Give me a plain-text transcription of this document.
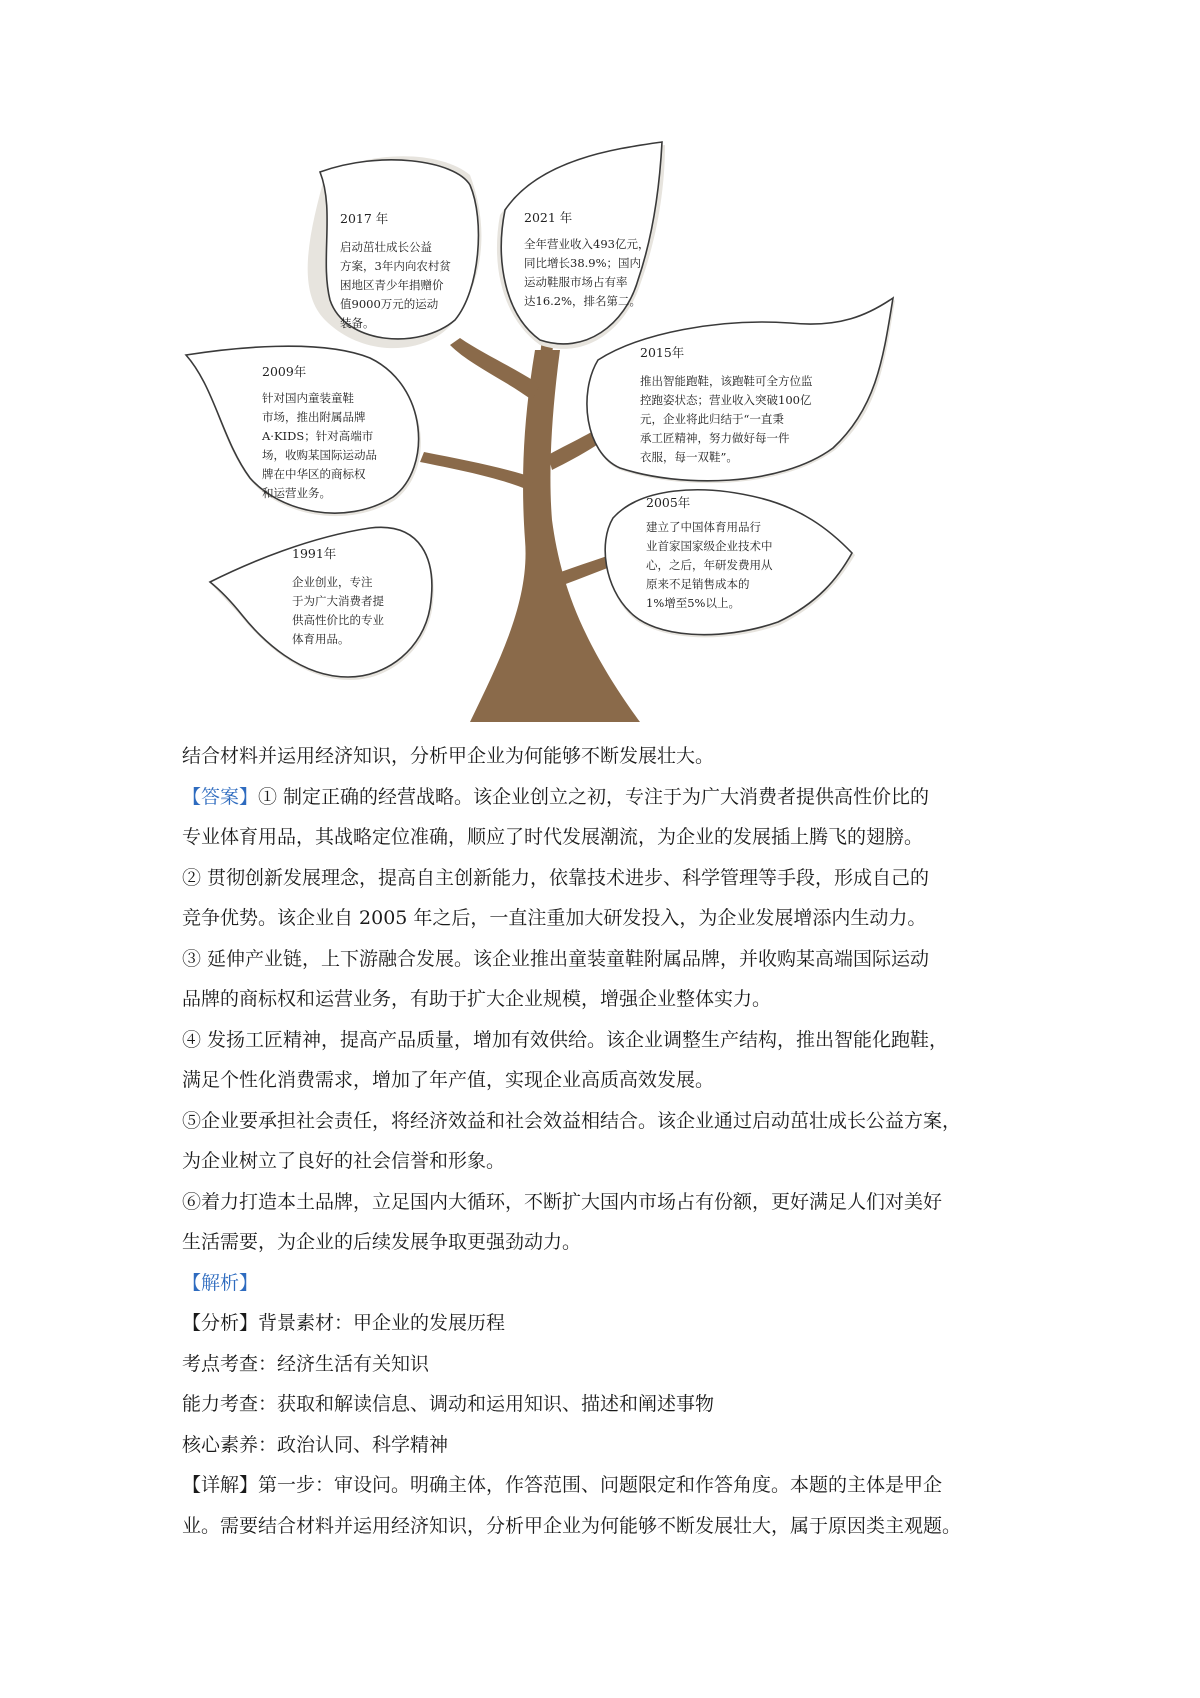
2017 年
启动茁壮成长公益
方案，3年内向农村贫
困地区青少年捐赠价
值9000万元的运动
装备。
2021 年
全年营业收入493亿元，
同比增长38.9%；国内
运动鞋服市场占有率
达16.2%，排名第二。
2009年
针对国内童装童鞋
市场，推出附属品牌
A·KIDS；针对高端市
场，收购某国际运动品
牌在中华区的商标权
和运营业务。
2015年
推出智能跑鞋，该跑鞋可全方位监
控跑姿状态；营业收入突破100亿
元，企业将此归结于“一直秉
承工匠精神，努力做好每一件
衣服，每一双鞋”。
2005年
建立了中国体育用品行
业首家国家级企业技术中
心，之后，年研发费用从
原来不足销售成本的
1%增至5%以上。
1991年
企业创业，专注
于为广大消费者提
供高性价比的专业
体育用品。
结合材料并运用经济知识，分析甲企业为何能够不断发展壮大。
【答案】① 制定正确的经营战略。该企业创立之初，专注于为广大消费者提供高性价比的
专业体育用品，其战略定位准确，顺应了时代发展潮流，为企业的发展插上腾飞的翅膀。
② 贯彻创新发展理念，提高自主创新能力，依靠技术进步、科学管理等手段，形成自己的
竞争优势。该企业自 2005 年之后，一直注重加大研发投入，为企业发展增添内生动力。
③ 延伸产业链，上下游融合发展。该企业推出童装童鞋附属品牌，并收购某高端国际运动
品牌的商标权和运营业务，有助于扩大企业规模，增强企业整体实力。
④ 发扬工匠精神，提高产品质量，增加有效供给。该企业调整生产结构，推出智能化跑鞋，
满足个性化消费需求，增加了年产值，实现企业高质高效发展。
⑤企业要承担社会责任，将经济效益和社会效益相结合。该企业通过启动茁壮成长公益方案，
为企业树立了良好的社会信誉和形象。
⑥着力打造本土品牌，立足国内大循环，不断扩大国内市场占有份额，更好满足人们对美好
生活需要，为企业的后续发展争取更强劲动力。
【解析】
【分析】背景素材：甲企业的发展历程
考点考查：经济生活有关知识
能力考查：获取和解读信息、调动和运用知识、描述和阐述事物
核心素养：政治认同、科学精神
【详解】第一步：审设问。明确主体，作答范围、问题限定和作答角度。本题的主体是甲企
业。需要结合材料并运用经济知识，分析甲企业为何能够不断发展壮大，属于原因类主观题。
